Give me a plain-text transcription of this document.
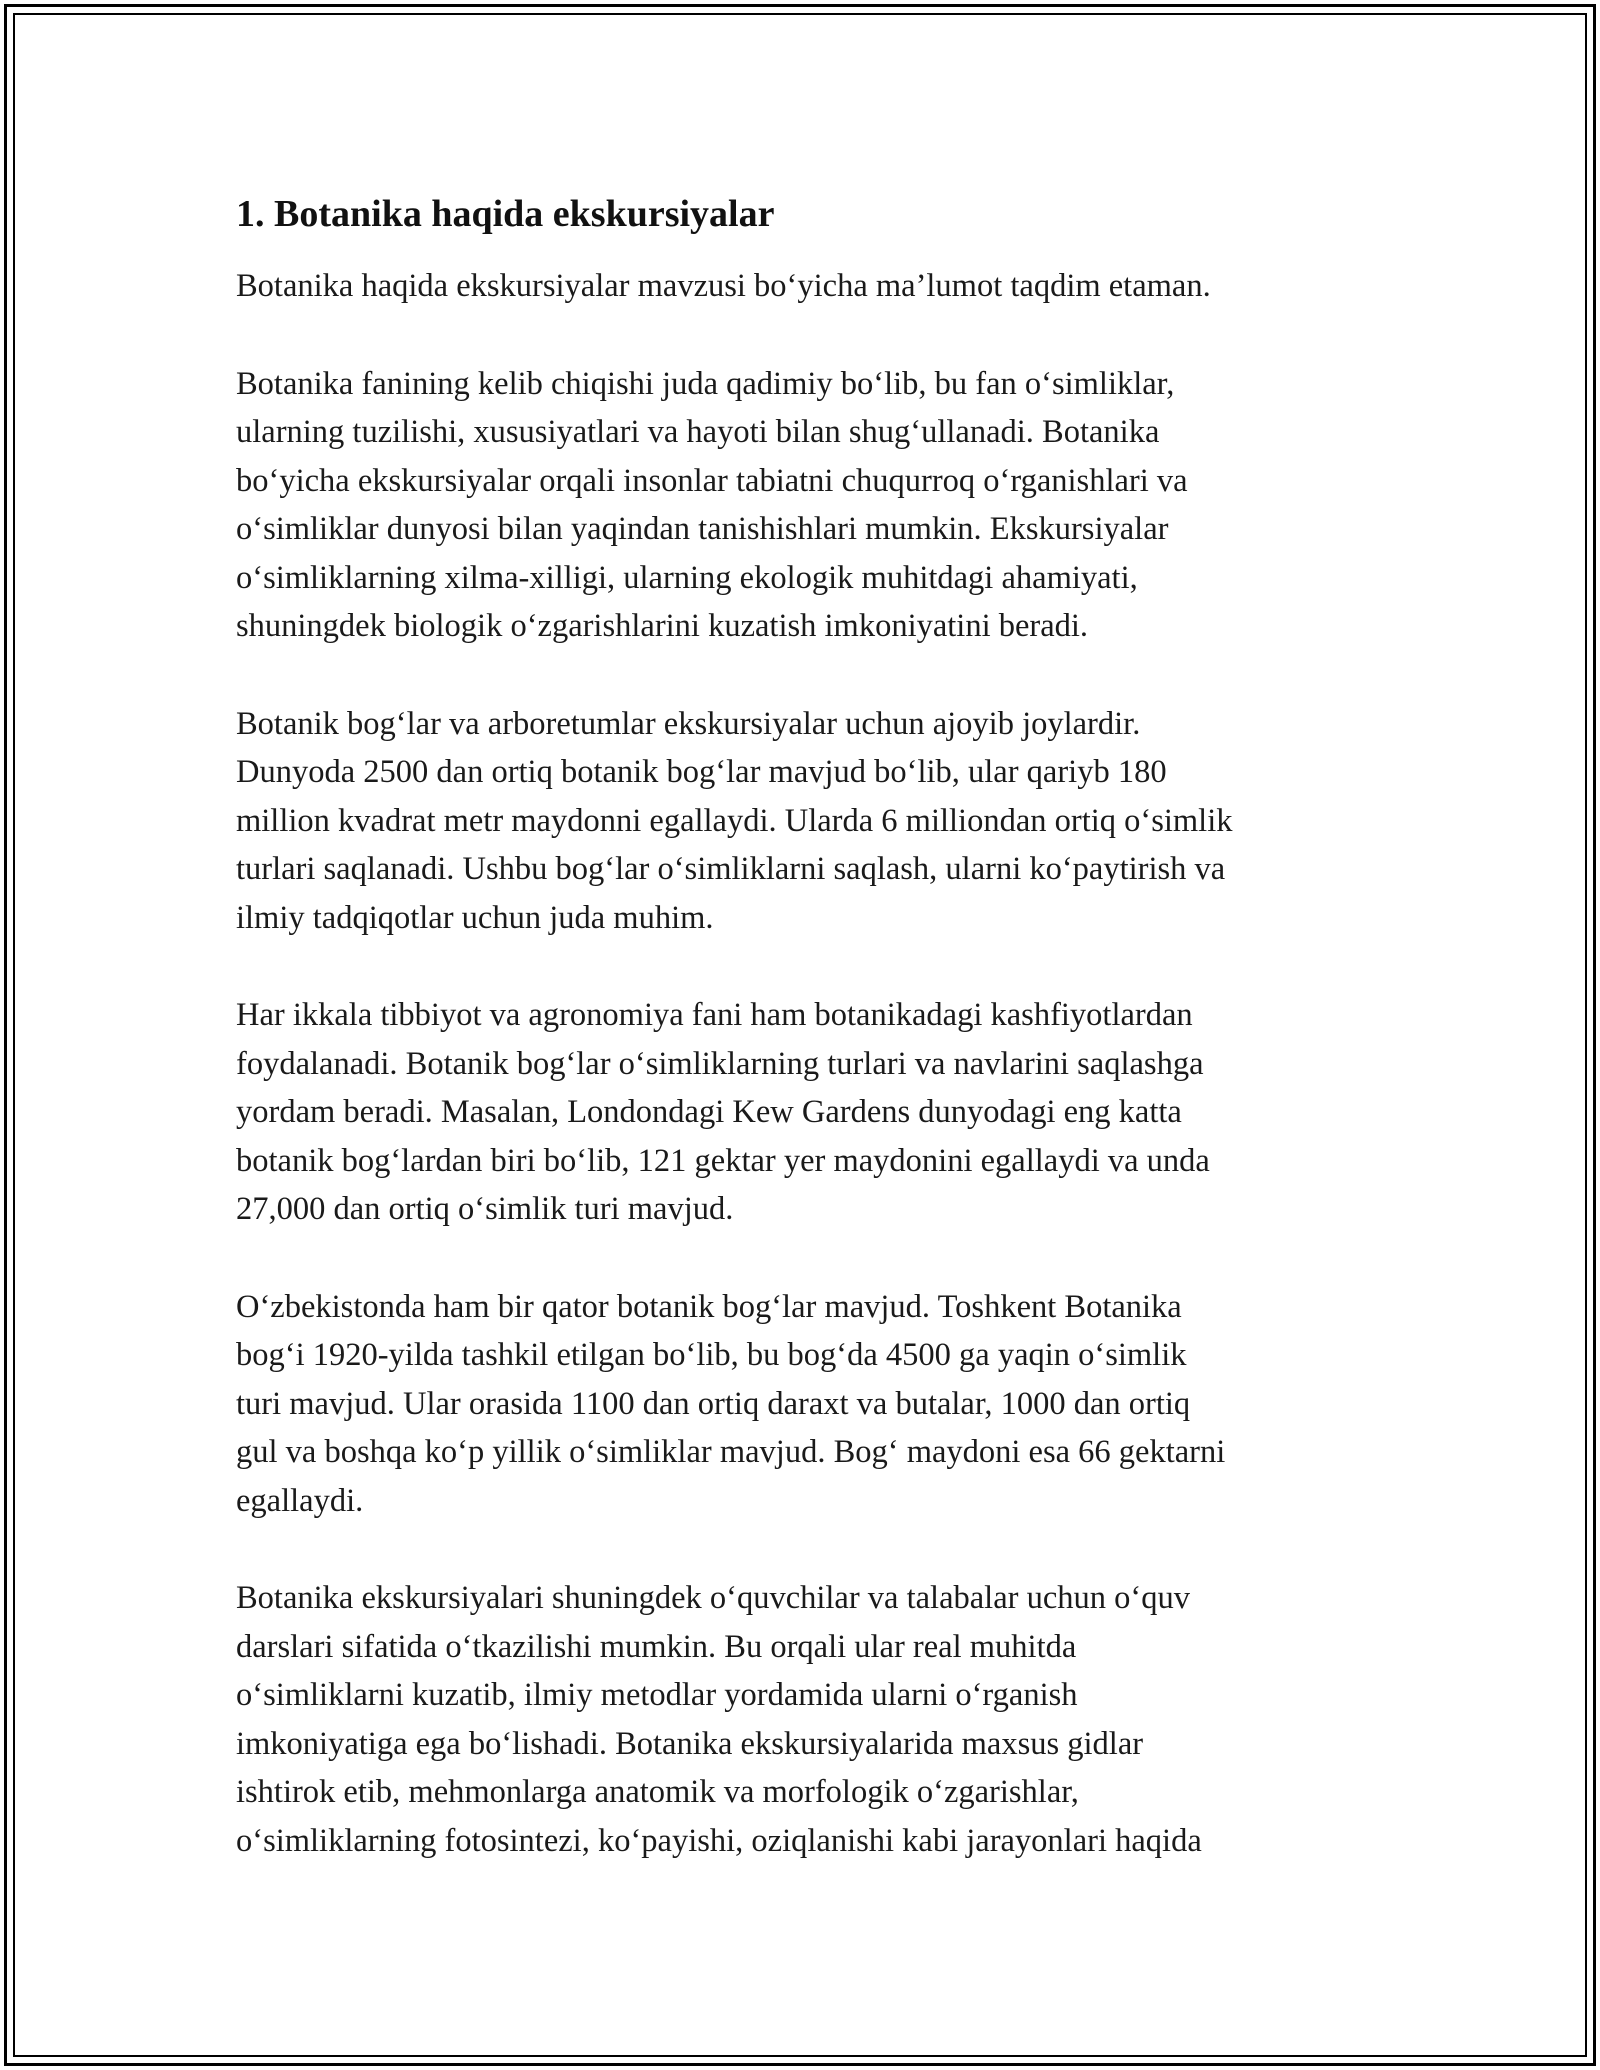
1. Botanika haqida ekskursiyalar

Botanika haqida ekskursiyalar mavzusi bo‘yicha ma’lumot taqdim etaman.

Botanika fanining kelib chiqishi juda qadimiy bo‘lib, bu fan o‘simliklar,
ularning tuzilishi, xususiyatlari va hayoti bilan shug‘ullanadi. Botanika
bo‘yicha ekskursiyalar orqali insonlar tabiatni chuqurroq o‘rganishlari va
o‘simliklar dunyosi bilan yaqindan tanishishlari mumkin. Ekskursiyalar
o‘simliklarning xilma-xilligi, ularning ekologik muhitdagi ahamiyati,
shuningdek biologik o‘zgarishlarini kuzatish imkoniyatini beradi.

Botanik bog‘lar va arboretumlar ekskursiyalar uchun ajoyib joylardir.
Dunyoda 2500 dan ortiq botanik bog‘lar mavjud bo‘lib, ular qariyb 180
million kvadrat metr maydonni egallaydi. Ularda 6 milliondan ortiq o‘simlik
turlari saqlanadi. Ushbu bog‘lar o‘simliklarni saqlash, ularni ko‘paytirish va
ilmiy tadqiqotlar uchun juda muhim.

Har ikkala tibbiyot va agronomiya fani ham botanikadagi kashfiyotlardan
foydalanadi. Botanik bog‘lar o‘simliklarning turlari va navlarini saqlashga
yordam beradi. Masalan, Londondagi Kew Gardens dunyodagi eng katta
botanik bog‘lardan biri bo‘lib, 121 gektar yer maydonini egallaydi va unda
27,000 dan ortiq o‘simlik turi mavjud.

O‘zbekistonda ham bir qator botanik bog‘lar mavjud. Toshkent Botanika
bog‘i 1920-yilda tashkil etilgan bo‘lib, bu bog‘da 4500 ga yaqin o‘simlik
turi mavjud. Ular orasida 1100 dan ortiq daraxt va butalar, 1000 dan ortiq
gul va boshqa ko‘p yillik o‘simliklar mavjud. Bog‘ maydoni esa 66 gektarni
egallaydi.

Botanika ekskursiyalari shuningdek o‘quvchilar va talabalar uchun o‘quv
darslari sifatida o‘tkazilishi mumkin. Bu orqali ular real muhitda
o‘simliklarni kuzatib, ilmiy metodlar yordamida ularni o‘rganish
imkoniyatiga ega bo‘lishadi. Botanika ekskursiyalarida maxsus gidlar
ishtirok etib, mehmonlarga anatomik va morfologik o‘zgarishlar,
o‘simliklarning fotosintezi, ko‘payishi, oziqlanishi kabi jarayonlari haqida
